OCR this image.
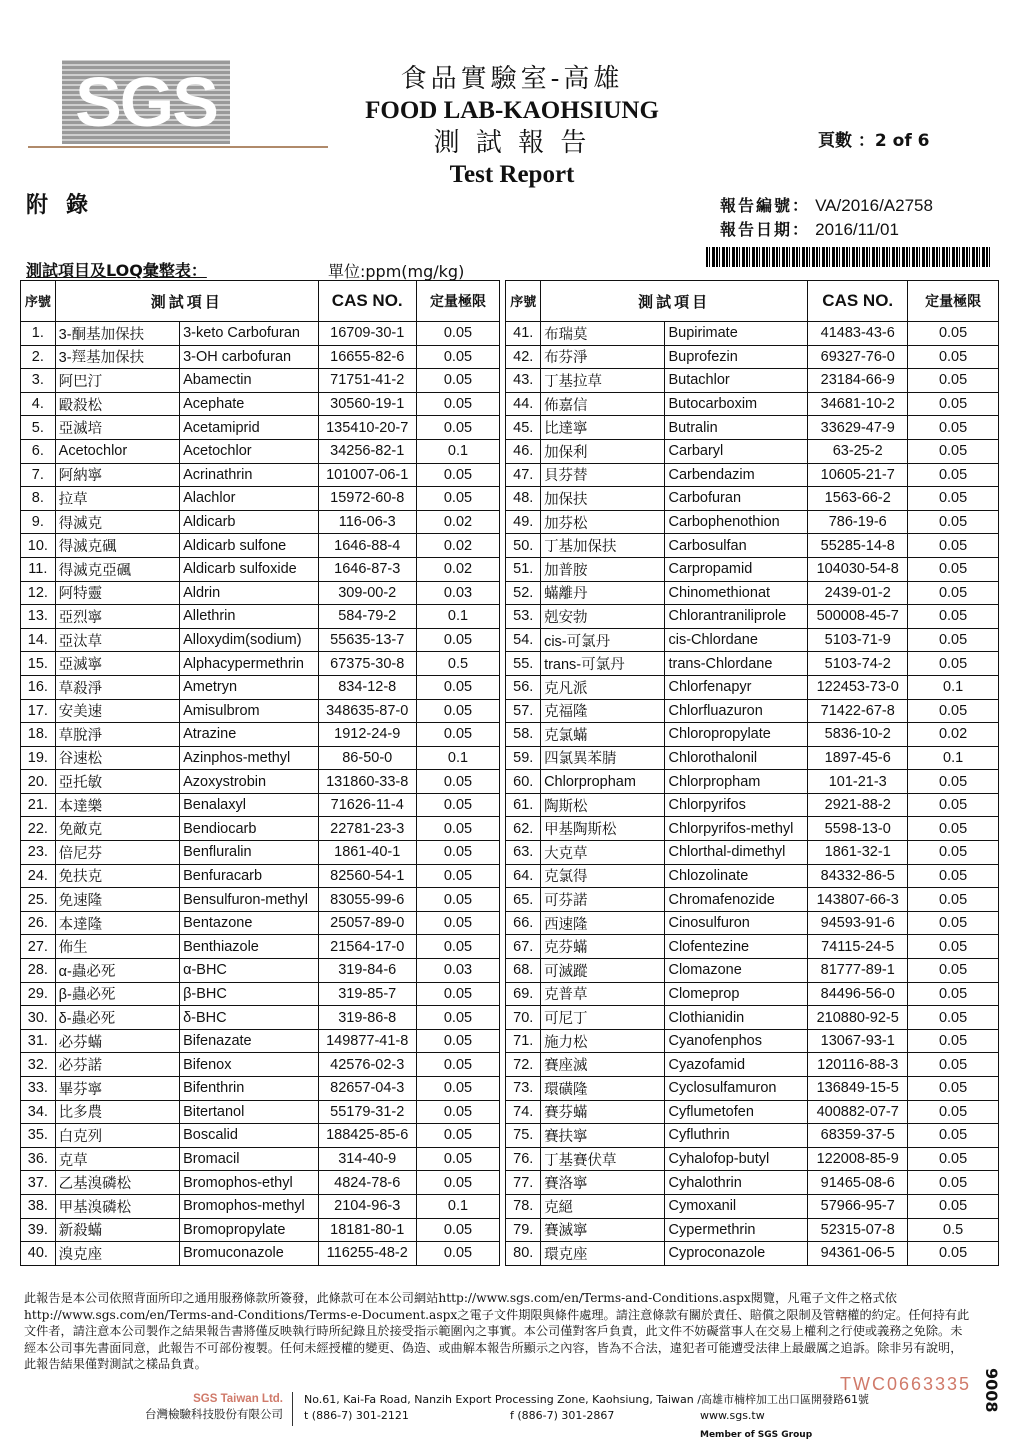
SGS	食品實驗室-高雄
FOOD LAB-KAOHSIUNG
測 試 報 告
Test Report
頁數 ：2 of 6
附錄	報告編號： VA/2016/A2758
報告日期： 2016/11/01
測試項目及LOQ彙整表：	單位:ppm(mg/kg)
序號	測試項目		CAS NO.	定量極限		序號	測試項目		CAS NO.	定量極限
1.	3-酮基加保扶	3-keto Carbofuran	16709-30-1	0.05		41.	布瑞莫	Bupirimate	41483-43-6	0.05
2.	3-羥基加保扶	3-OH carbofuran	16655-82-6	0.05		42.	布芬淨	Buprofezin	69327-76-0	0.05
3.	阿巴汀	Abamectin	71751-41-2	0.05		43.	丁基拉草	Butachlor	23184-66-9	0.05
4.	毆殺松	Acephate	30560-19-1	0.05		44.	佈嘉信	Butocarboxim	34681-10-2	0.05
5.	亞滅培	Acetamiprid	135410-20-7	0.05		45.	比達寧	Butralin	33629-47-9	0.05
6.	Acetochlor	Acetochlor	34256-82-1	0.1		46.	加保利	Carbaryl	63-25-2	0.05
7.	阿納寧	Acrinathrin	101007-06-1	0.05		47.	貝芬替	Carbendazim	10605-21-7	0.05
8.	拉草	Alachlor	15972-60-8	0.05		48.	加保扶	Carbofuran	1563-66-2	0.05
9.	得滅克	Aldicarb	116-06-3	0.02		49.	加芬松	Carbophenothion	786-19-6	0.05
10.	得滅克碸	Aldicarb sulfone	1646-88-4	0.02		50.	丁基加保扶	Carbosulfan	55285-14-8	0.05
11.	得滅克亞碸	Aldicarb sulfoxide	1646-87-3	0.02		51.	加普胺	Carpropamid	104030-54-8	0.05
12.	阿特靈	Aldrin	309-00-2	0.03		52.	蟎離丹	Chinomethionat	2439-01-2	0.05
13.	亞烈寧	Allethrin	584-79-2	0.1		53.	剋安勃	Chlorantraniliprole	500008-45-7	0.05
14.	亞汰草	Alloxydim(sodium)	55635-13-7	0.05		54.	cis-可氯丹	cis-Chlordane	5103-71-9	0.05
15.	亞滅寧	Alphacypermethrin	67375-30-8	0.5		55.	trans-可氯丹	trans-Chlordane	5103-74-2	0.05
16.	草殺淨	Ametryn	834-12-8	0.05		56.	克凡派	Chlorfenapyr	122453-73-0	0.1
17.	安美速	Amisulbrom	348635-87-0	0.05		57.	克福隆	Chlorfluazuron	71422-67-8	0.05
18.	草脫淨	Atrazine	1912-24-9	0.05		58.	克氯蟎	Chloropropylate	5836-10-2	0.02
19.	谷速松	Azinphos-methyl	86-50-0	0.1		59.	四氯異苯腈	Chlorothalonil	1897-45-6	0.1
20.	亞托敏	Azoxystrobin	131860-33-8	0.05		60.	Chlorpropham	Chlorpropham	101-21-3	0.05
21.	本達樂	Benalaxyl	71626-11-4	0.05		61.	陶斯松	Chlorpyrifos	2921-88-2	0.05
22.	免敵克	Bendiocarb	22781-23-3	0.05		62.	甲基陶斯松	Chlorpyrifos-methyl	5598-13-0	0.05
23.	倍尼芬	Benfluralin	1861-40-1	0.05		63.	大克草	Chlorthal-dimethyl	1861-32-1	0.05
24.	免扶克	Benfuracarb	82560-54-1	0.05		64.	克氯得	Chlozolinate	84332-86-5	0.05
25.	免速隆	Bensulfuron-methyl	83055-99-6	0.05		65.	可芬諾	Chromafenozide	143807-66-3	0.05
26.	本達隆	Bentazone	25057-89-0	0.05		66.	西速隆	Cinosulfuron	94593-91-6	0.05
27.	佈生	Benthiazole	21564-17-0	0.05		67.	克芬蟎	Clofentezine	74115-24-5	0.05
28.	α-蟲必死	α-BHC	319-84-6	0.03		68.	可滅蹤	Clomazone	81777-89-1	0.05
29.	β-蟲必死	β-BHC	319-85-7	0.05		69.	克普草	Clomeprop	84496-56-0	0.05
30.	δ-蟲必死	δ-BHC	319-86-8	0.05		70.	可尼丁	Clothianidin	210880-92-5	0.05
31.	必芬蟎	Bifenazate	149877-41-8	0.05		71.	施力松	Cyanofenphos	13067-93-1	0.05
32.	必芬諾	Bifenox	42576-02-3	0.05		72.	賽座滅	Cyazofamid	120116-88-3	0.05
33.	畢芬寧	Bifenthrin	82657-04-3	0.05		73.	環磺隆	Cyclosulfamuron	136849-15-5	0.05
34.	比多農	Bitertanol	55179-31-2	0.05		74.	賽芬蟎	Cyflumetofen	400882-07-7	0.05
35.	白克列	Boscalid	188425-85-6	0.05		75.	賽扶寧	Cyfluthrin	68359-37-5	0.05
36.	克草	Bromacil	314-40-9	0.05		76.	丁基賽伏草	Cyhalofop-butyl	122008-85-9	0.05
37.	乙基溴磷松	Bromophos-ethyl	4824-78-6	0.05		77.	賽洛寧	Cyhalothrin	91465-08-6	0.05
38.	甲基溴磷松	Bromophos-methyl	2104-96-3	0.1		78.	克絕	Cymoxanil	57966-95-7	0.05
39.	新殺蟎	Bromopropylate	18181-80-1	0.05		79.	賽滅寧	Cypermethrin	52315-07-8	0.5
40.	溴克座	Bromuconazole	116255-48-2	0.05		80.	環克座	Cyproconazole	94361-06-5	0.05
此報告是本公司依照背面所印之通用服務條款所簽發，此條款可在本公司網站http://www.sgs.com/en/Terms-and-Conditions.aspx閱覽，凡電子文件之格式依http://www.sgs.com/en/Terms-and-Conditions/Terms-e-Document.aspx之電子文件期限與條件處理。請注意條款有關於責任、賠償之限制及管轄權的約定。任何持有此文件者，請注意本公司製作之結果報告書將僅反映執行時所紀錄且於接受指示範圍內之事實。本公司僅對客戶負責，此文件不妨礙當事人在交易上權利之行使或義務之免除。未經本公司事先書面同意，此報告不可部份複製。任何未經授權的變更、偽造、或曲解本報告所顯示之內容，皆為不合法，違犯者可能遭受法律上最嚴厲之追訴。除非另有說明，此報告結果僅對測試之樣品負責。
TWC0663335 9008
SGS Taiwan Ltd.
台灣檢驗科技股份有限公司
No.61, Kai-Fa Road, Nanzih Export Processing Zone, Kaohsiung, Taiwan /高雄市楠梓加工出口區開發路61號
t (886-7) 301-2121	f (886-7) 301-2867	www.sgs.tw
Member of SGS Group
